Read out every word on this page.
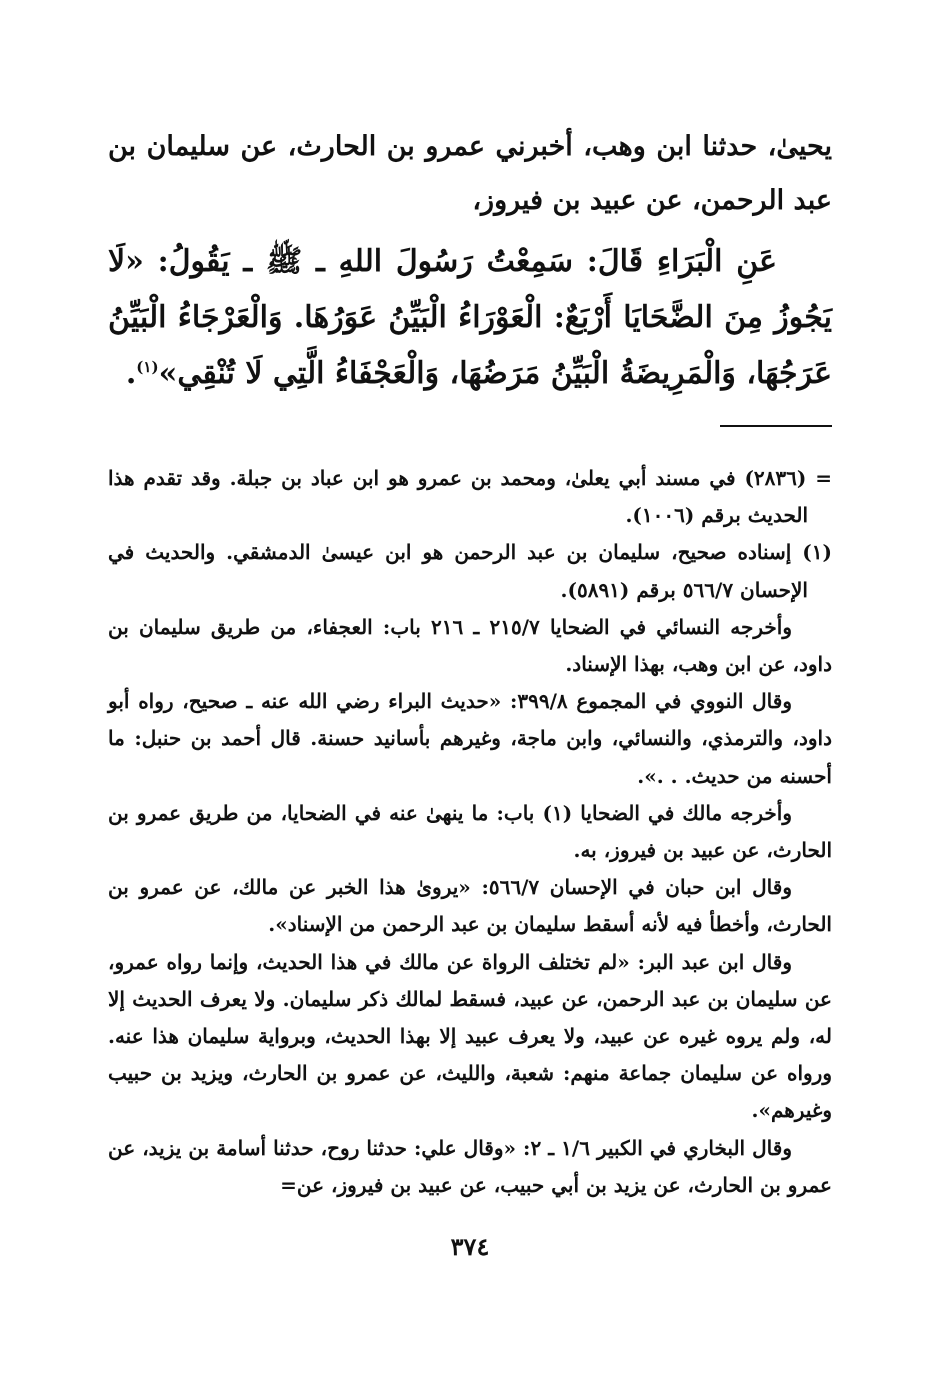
يحيىٰ، حدثنا ابن وهب، أخبرني عمرو بن الحارث، عن سليمان بن عبد الرحمن، عن عبيد بن فيروز،

عَنِ الْبَرَاءِ قَالَ: سَمِعْتُ رَسُولَ اللهِ ـ ﷺ ـ يَقُولُ: «لَا يَجُوزُ مِنَ الضَّحَايَا أَرْبَعٌ: الْعَوْرَاءُ الْبَيِّنُ عَوَرُهَا. وَالْعَرْجَاءُ الْبَيِّنُ عَرَجُهَا، وَالْمَرِيضَةُ الْبَيِّنُ مَرَضُهَا، وَالْعَجْفَاءُ الَّتِي لَا تُنْقِي»$^{(١)}$.

= (٢٨٣٦) في مسند أبي يعلىٰ، ومحمد بن عمرو هو ابن عباد بن جبلة. وقد تقدم هذا الحديث برقم (١٠٠٦).

(١) إسناده صحيح، سليمان بن عبد الرحمن هو ابن عيسىٰ الدمشقي. والحديث في الإحسان ٥٦٦/٧ برقم (٥٨٩١).

وأخرجه النسائي في الضحايا ٢١٥/٧ ـ ٢١٦ باب: العجفاء، من طريق سليمان بن داود، عن ابن وهب، بهذا الإسناد.

وقال النووي في المجموع ٣٩٩/٨: «حديث البراء رضي الله عنه ـ صحيح، رواه أبو داود، والترمذي، والنسائي، وابن ماجة، وغيرهم بأسانيد حسنة. قال أحمد بن حنبل: ما أحسنه من حديث. . .».

وأخرجه مالك في الضحايا (١) باب: ما ينهىٰ عنه في الضحايا، من طريق عمرو بن الحارث، عن عبيد بن فيروز، به.

وقال ابن حبان في الإحسان ٥٦٦/٧: «يروىٰ هذا الخبر عن مالك، عن عمرو بن الحارث، وأخطأ فيه لأنه أسقط سليمان بن عبد الرحمن من الإسناد».

وقال ابن عبد البر: «لم تختلف الرواة عن مالك في هذا الحديث، وإنما رواه عمرو، عن سليمان بن عبد الرحمن، عن عبيد، فسقط لمالك ذكر سليمان. ولا يعرف الحديث إلا له، ولم يروه غيره عن عبيد، ولا يعرف عبيد إلا بهذا الحديث، وبرواية سليمان هذا عنه. ورواه عن سليمان جماعة منهم: شعبة، والليث، عن عمرو بن الحارث، ويزيد بن حبيب وغيرهم».

وقال البخاري في الكبير ١/٦ ـ ٢: «وقال علي: حدثنا روح، حدثنا أسامة بن يزيد، عن عمرو بن الحارث، عن يزيد بن أبي حبيب، عن عبيد بن فيروز، عن=

٣٧٤
